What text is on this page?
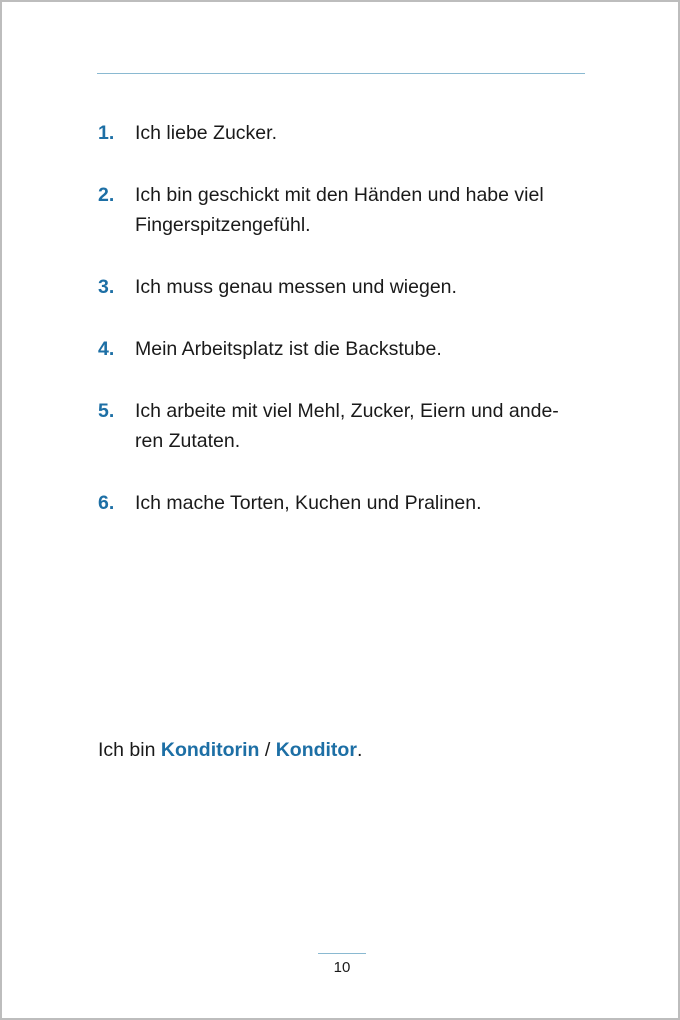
1.	Ich liebe Zucker.
2.	Ich bin geschickt mit den Händen und habe viel Fingerspitzengefühl.
3.	Ich muss genau messen und wiegen.
4.	Mein Arbeitsplatz ist die Backstube.
5.	Ich arbeite mit viel Mehl, Zucker, Eiern und ande-ren Zutaten.
6.	Ich mache Torten, Kuchen und Pralinen.

Ich bin Konditorin / Konditor.

10
